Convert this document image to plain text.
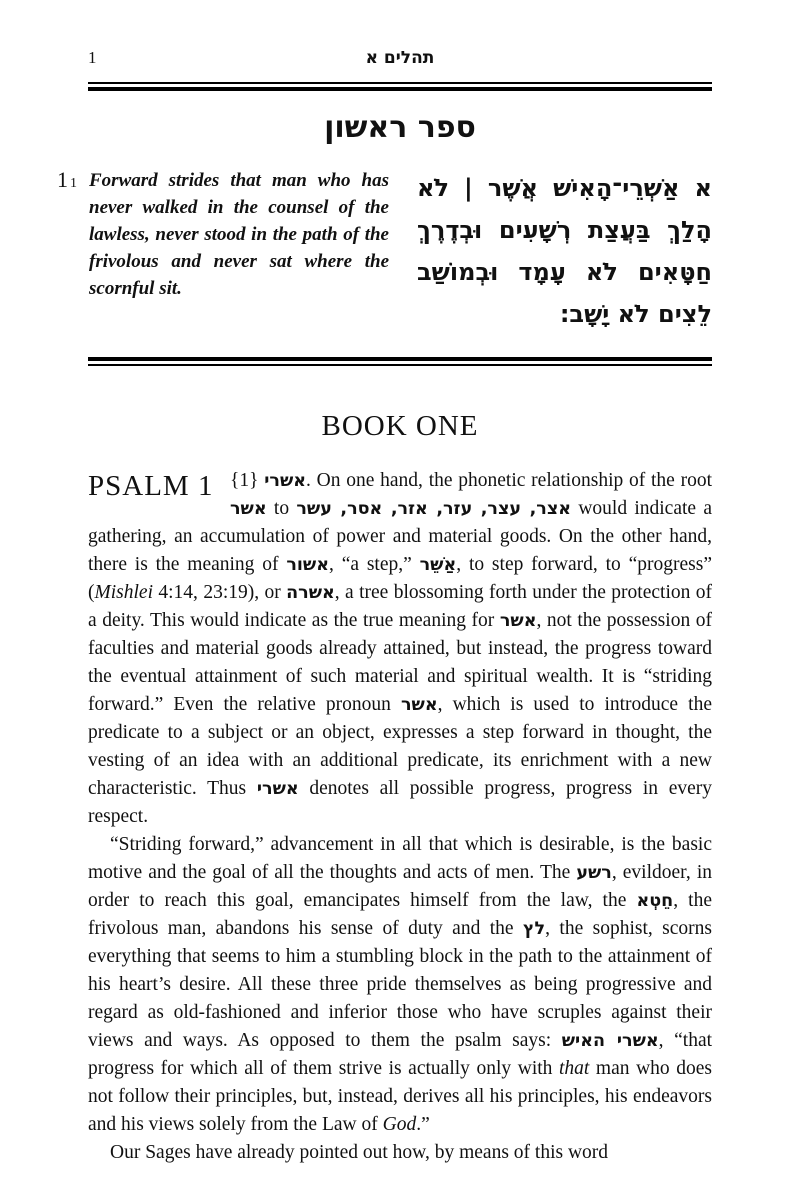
1	תהלים א
ספר ראשון
1 1 Forward strides that man who has never walked in the counsel of the lawless, never stood in the path of the frivolous and never sat where the scornful sit.
א אַשְׁרֵי־הָאִישׁ אֲשֶׁר | לֹא הָלַךְ בַּעֲצַת רְשָׁעִים וּבְדֶרֶךְ חַטָּאִים לֹא עָמָד וּבְמוֹשַׁב לֵצִים לֹא יָשָׁב:
BOOK ONE
PSALM 1 {1} אשרי. On one hand, the phonetic relationship of the root אשר to אצר, עצר, עזר, אזר, אסר, עשר would indicate a gathering, an accumulation of power and material goods. On the other hand, there is the meaning of אשור, “a step,” אַשֵּׁר, to step forward, to “progress” (Mishlei 4:14, 23:19), or אשרה, a tree blossoming forth under the protection of a deity. This would indicate as the true meaning for אשר, not the possession of faculties and material goods already attained, but instead, the progress toward the eventual attainment of such material and spiritual wealth. It is “striding forward.” Even the relative pronoun אשר, which is used to introduce the predicate to a subject or an object, expresses a step forward in thought, the vesting of an idea with an additional predicate, its enrichment with a new characteristic. Thus אשרי denotes all possible progress, progress in every respect.

“Striding forward,” advancement in all that which is desirable, is the basic motive and the goal of all the thoughts and acts of men. The רשע, evildoer, in order to reach this goal, emancipates himself from the law, the חֵטְא, the frivolous man, abandons his sense of duty and the לץ, the sophist, scorns everything that seems to him a stumbling block in the path to the attainment of his heart’s desire. All these three pride themselves as being progressive and regard as old-fashioned and inferior those who have scruples against their views and ways. As opposed to them the psalm says: אשרי האיש, “that progress for which all of them strive is actually only with that man who does not follow their principles, but, instead, derives all his principles, his endeavors and his views solely from the Law of God.”

Our Sages have already pointed out how, by means of this word
